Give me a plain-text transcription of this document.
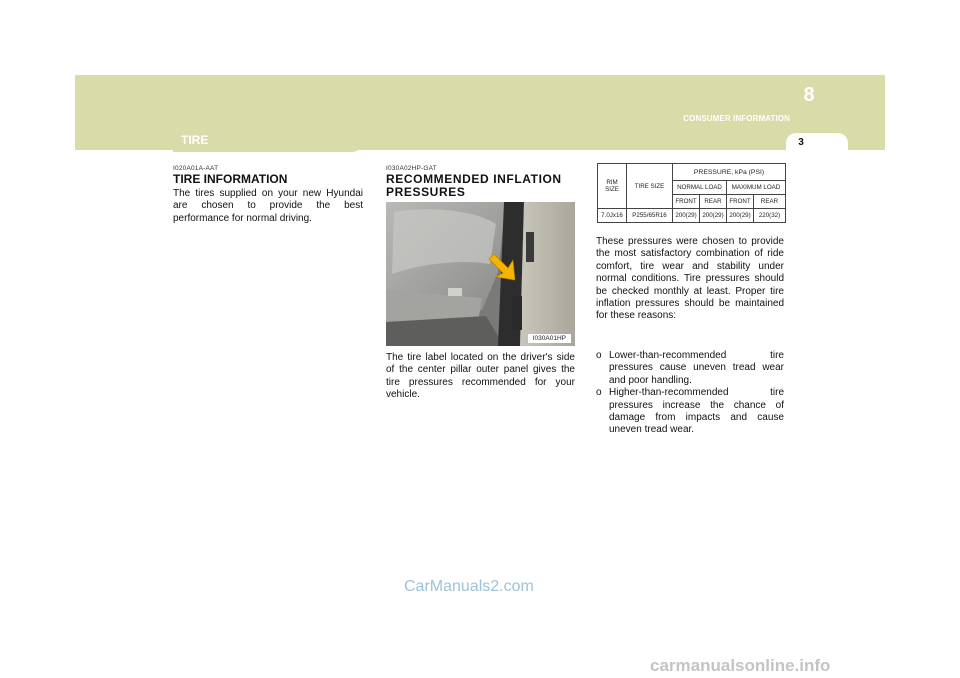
8
CONSUMER INFORMATION
3
TIRE
I020A01A-AAT
TIRE INFORMATION
The tires supplied on your new Hyundai are chosen to provide the best performance for normal driving.
I030A02HP-GAT
RECOMMENDED INFLATION PRESSURES
I030A01HP
The tire label located on the driver's side of the center pillar outer panel gives the tire pressures recommended for your vehicle.
RIM
SIZE	TIRE SIZE	PRESSURE, kPa (PSI)			
		NORMAL LOAD		MAXIMUM LOAD	
		FRONT	REAR	FRONT	REAR
7.0Jx16	P255/65R16	200(29)	200(29)	200(29)	220(32)
These pressures were chosen to provide the most satisfactory combination of ride comfort, tire wear and stability under normal conditions. Tire pressures should be checked monthly at least. Proper tire inflation pressures should be maintained for these reasons:
o Lower-than-recommended tire pressures cause uneven tread wear and poor handling.
o Higher-than-recommended tire pressures increase the chance of damage from impacts and cause uneven tread wear.
CarManuals2.com
carmanualsonline.info
